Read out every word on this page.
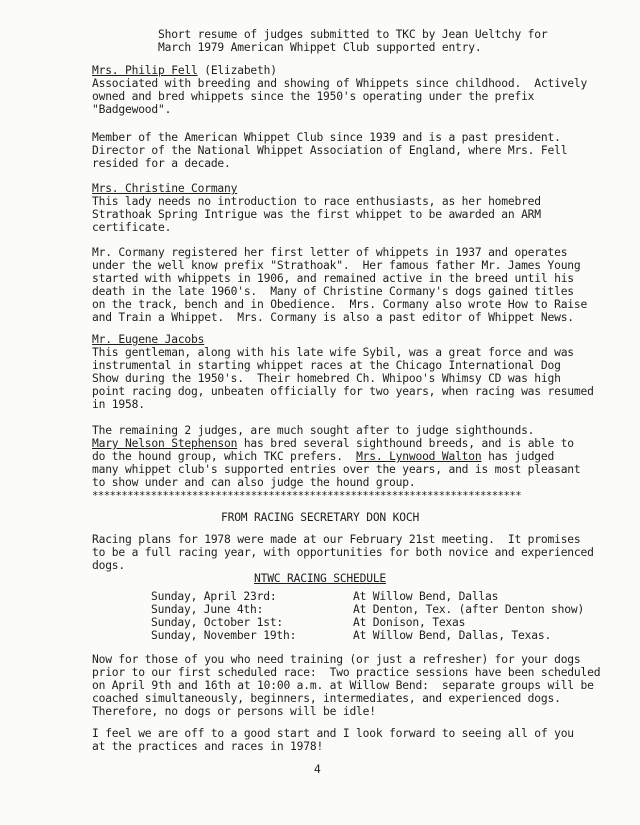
Short resume of judges submitted to TKC by Jean Ueltchy for
March 1979 American Whippet Club supported entry.
Mrs. Philip Fell (Elizabeth)
Associated with breeding and showing of Whippets since childhood.  Actively
owned and bred whippets since the 1950's operating under the prefix
"Badgewood".
Member of the American Whippet Club since 1939 and is a past president.
Director of the National Whippet Association of England, where Mrs. Fell
resided for a decade.
Mrs. Christine Cormany
This lady needs no introduction to race enthusiasts, as her homebred
Strathoak Spring Intrigue was the first whippet to be awarded an ARM
certificate.
Mr. Cormany registered her first letter of whippets in 1937 and operates
under the well know prefix "Strathoak".  Her famous father Mr. James Young
started with whippets in 1906, and remained active in the breed until his
death in the late 1960's.  Many of Christine Cormany's dogs gained titles
on the track, bench and in Obedience.  Mrs. Cormany also wrote How to Raise
and Train a Whippet.  Mrs. Cormany is also a past editor of Whippet News.
Mr. Eugene Jacobs
This gentleman, along with his late wife Sybil, was a great force and was
instrumental in starting whippet races at the Chicago International Dog
Show during the 1950's.  Their homebred Ch. Whipoo's Whimsy CD was high
point racing dog, unbeaten officially for two years, when racing was resumed
in 1958.
The remaining 2 judges, are much sought after to judge sighthounds.
Mary Nelson Stephenson has bred several sighthound breeds, and is able to
do the hound group, which TKC prefers.  Mrs. Lynwood Walton has judged
many whippet club's supported entries over the years, and is most pleasant
to show under and can also judge the hound group.
*************************************************************************
FROM RACING SECRETARY DON KOCH
Racing plans for 1978 were made at our February 21st meeting.  It promises
to be a full racing year, with opportunities for both novice and experienced
dogs.
NTWC RACING SCHEDULE
Sunday, April 23rd:	At Willow Bend, Dallas
Sunday, June 4th:	At Denton, Tex. (after Denton show)
Sunday, October 1st:	At Donison, Texas
Sunday, November 19th:	At Willow Bend, Dallas, Texas.
Now for those of you who need training (or just a refresher) for your dogs
prior to our first scheduled race:  Two practice sessions have been scheduled
on April 9th and 16th at 10:00 a.m. at Willow Bend:  separate groups will be
coached simultaneously, beginners, intermediates, and experienced dogs.
Therefore, no dogs or persons will be idle!
I feel we are off to a good start and I look forward to seeing all of you
at the practices and races in 1978!
4
